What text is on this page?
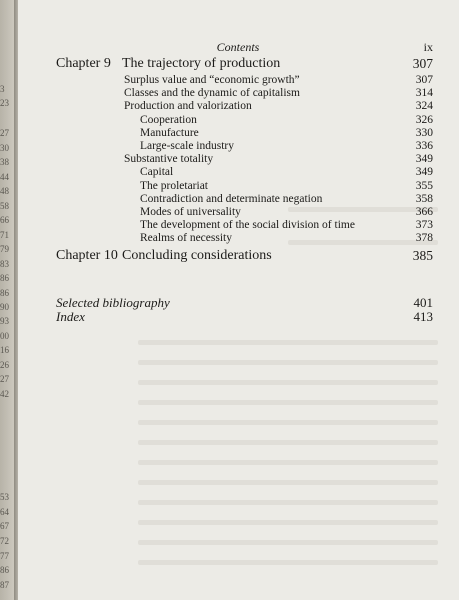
Contents	ix
Chapter 9 The trajectory of production	307
Surplus value and “economic growth”	307
Classes and the dynamic of capitalism	314
Production and valorization	324
Cooperation	326
Manufacture	330
Large-scale industry	336
Substantive totality	349
Capital	349
The proletariat	355
Contradiction and determinate negation	358
Modes of universality	366
The development of the social division of time	373
Realms of necessity	378
Chapter 10 Concluding considerations	385
Selected bibliography	401
Index	413
3
23
27
30
38
44
48
58
66
71
79
83
86
86
90
93
00
16
26
27
42
53
64
67
72
77
86
87
